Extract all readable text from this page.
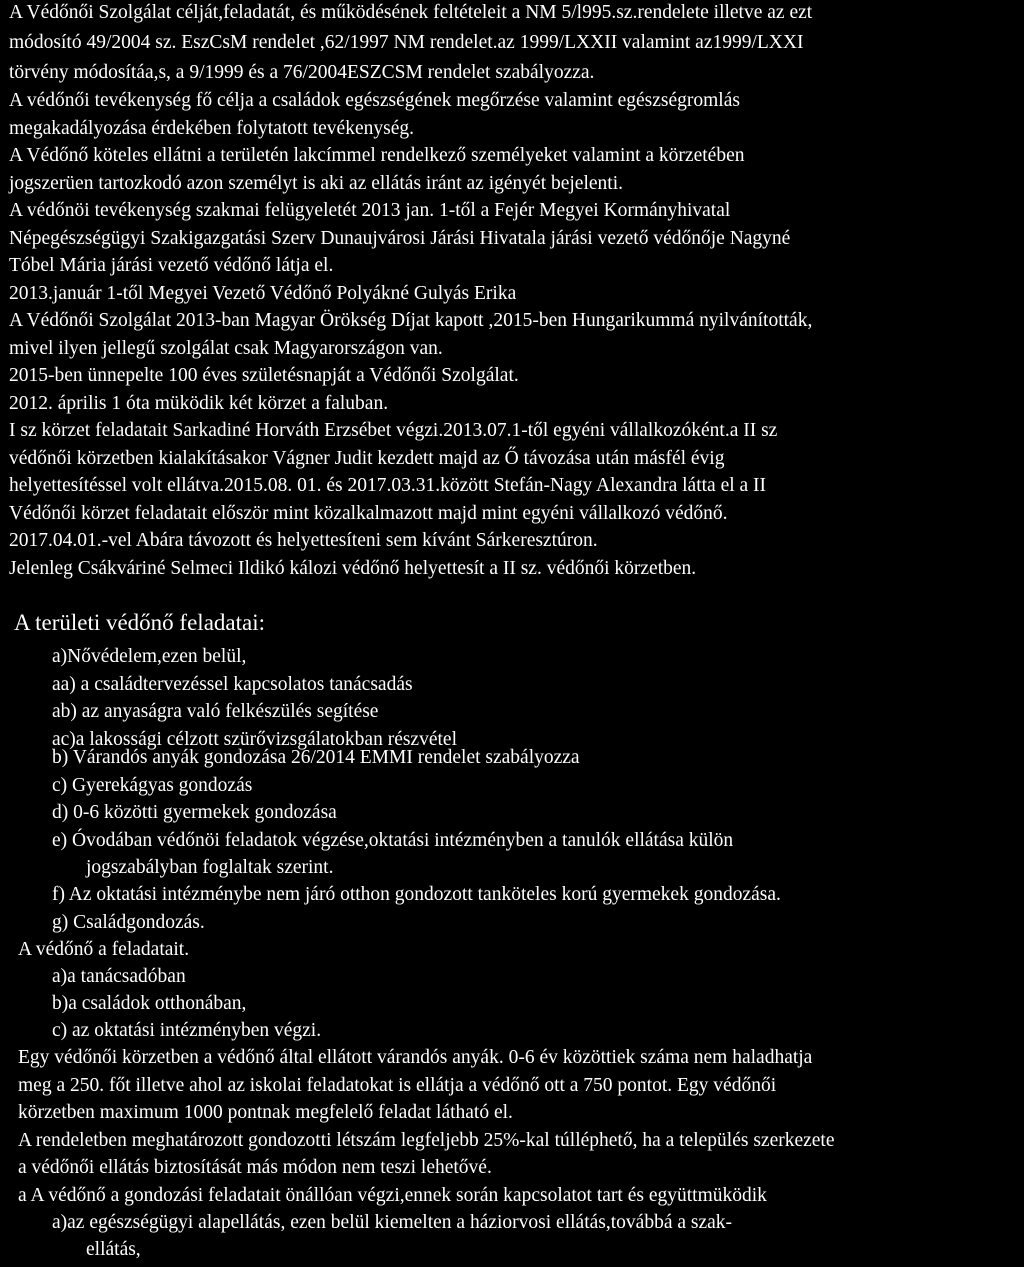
A Védőnői Szolgálat célját,feladatát, és működésének feltételeit a NM 5/l995.sz.rendelete illetve az ezt
módosító 49/2004 sz. EszCsM rendelet ,62/1997 NM rendelet.az 1999/LXXII valamint az1999/LXXI
törvény módosítáa,s, a 9/1999 és a 76/2004ESZCSM rendelet szabályozza.
A védőnői tevékenység fő célja a családok egészségének megőrzése valamint egészségromlás
megakadályozása érdekében folytatott tevékenység.
A Védőnő köteles ellátni a területén lakcímmel rendelkező személyeket valamint a körzetében
jogszerüen tartozkodó azon személyt is aki az ellátás iránt az igényét bejelenti.
A védőnöi tevékenység szakmai felügyeletét 2013 jan. 1-től a Fejér Megyei Kormányhivatal
Népegészségügyi Szakigazgatási Szerv Dunaujvárosi Járási Hivatala járási vezető védőnője Nagyné
Tóbel Mária járási vezető védőnő látja el.
2013.január 1-től Megyei Vezető Védőnő Polyákné Gulyás Erika
A Védőnői Szolgálat 2013-ban Magyar Örökség Díjat kapott ,2015-ben Hungarikummá nyilvánították,
mivel ilyen jellegű szolgálat csak Magyarországon van.
2015-ben ünnepelte 100 éves születésnapját a Védőnői Szolgálat.
2012. április 1 óta müködik két körzet a faluban.
I sz körzet feladatait Sarkadiné Horváth Erzsébet végzi.2013.07.1-től egyéni vállalkozóként.a II sz
védőnői körzetben kialakításakor Vágner Judit kezdett majd az Ő távozása után másfél évig
helyettesítéssel volt ellátva.2015.08. 01. és 2017.03.31.között Stefán-Nagy Alexandra látta el a II
Védőnői körzet feladatait először mint közalkalmazott majd mint egyéni vállalkozó védőnő.
2017.04.01.-vel Abára távozott és helyettesíteni sem kívánt Sárkeresztúron.
Jelenleg Csákváriné Selmeci Ildikó kálozi védőnő helyettesít a II sz. védőnői körzetben.
A területi védőnő feladatai:
a)Nővédelem,ezen belül,
aa) a családtervezéssel kapcsolatos tanácsadás
ab) az anyaságra való felkészülés segítése
ac)a lakossági célzott szürővizsgálatokban részvétel
b) Várandós anyák gondozása 26/2014 EMMI rendelet szabályozza
c) Gyerekágyas gondozás
d) 0-6 közötti gyermekek gondozása
e) Óvodában védőnöi feladatok végzése,oktatási intézményben a tanulók ellátása külön
jogszabályban foglaltak szerint.
f) Az oktatási intézménybe nem járó otthon gondozott tanköteles korú gyermekek gondozása.
g) Családgondozás.
A védőnő a feladatait.
a)a tanácsadóban
b)a családok otthonában,
c) az oktatási intézményben végzi.
Egy védőnői körzetben a védőnő által ellátott várandós anyák. 0-6 év közöttiek száma nem haladhatja
meg a 250. főt illetve ahol az iskolai feladatokat is ellátja a védőnő ott a 750 pontot. Egy védőnői
körzetben maximum 1000 pontnak megfelelő feladat látható el.
A rendeletben meghatározott gondozotti létszám legfeljebb 25%-kal túlléphető, ha a település szerkezete
a védőnői ellátás biztosítását más módon nem teszi lehetővé.
a A védőnő a gondozási feladatait önállóan végzi,ennek során kapcsolatot tart és együttmüködik
a)az egészségügyi alapellátás, ezen belül kiemelten a háziorvosi ellátás,továbbá a szak-
ellátás,
